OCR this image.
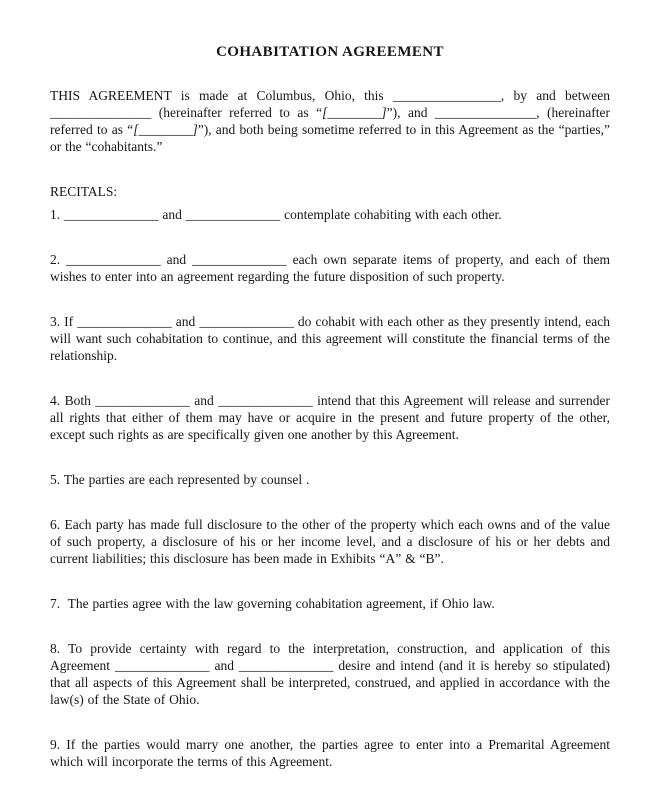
COHABITATION AGREEMENT

THIS AGREEMENT is made at Columbus, Ohio, this ________________, by and between _______________ (hereinafter referred to as “[________]”), and _______________, (hereinafter referred to as “[________]”), and both being sometime referred to in this Agreement as the “parties,” or the “cohabitants.”

RECITALS:

1. ______________ and ______________ contemplate cohabiting with each other.

2. ______________ and ______________ each own separate items of property, and each of them wishes to enter into an agreement regarding the future disposition of such property.

3. If ______________ and ______________ do cohabit with each other as they presently intend, each will want such cohabitation to continue, and this agreement will constitute the financial terms of the relationship.

4. Both ______________ and ______________ intend that this Agreement will release and surrender all rights that either of them may have or acquire in the present and future property of the other, except such rights as are specifically given one another by this Agreement.

5. The parties are each represented by counsel .

6. Each party has made full disclosure to the other of the property which each owns and of the value of such property, a disclosure of his or her income level, and a disclosure of his or her debts and current liabilities; this disclosure has been made in Exhibits “A” & “B”.

7.  The parties agree with the law governing cohabitation agreement, if Ohio law.

8. To provide certainty with regard to the interpretation, construction, and application of this Agreement ______________ and ______________ desire and intend (and it is hereby so stipulated) that all aspects of this Agreement shall be interpreted, construed, and applied in accordance with the law(s) of the State of Ohio.

9. If the parties would marry one another, the parties agree to enter into a Premarital Agreement which will incorporate the terms of this Agreement.
